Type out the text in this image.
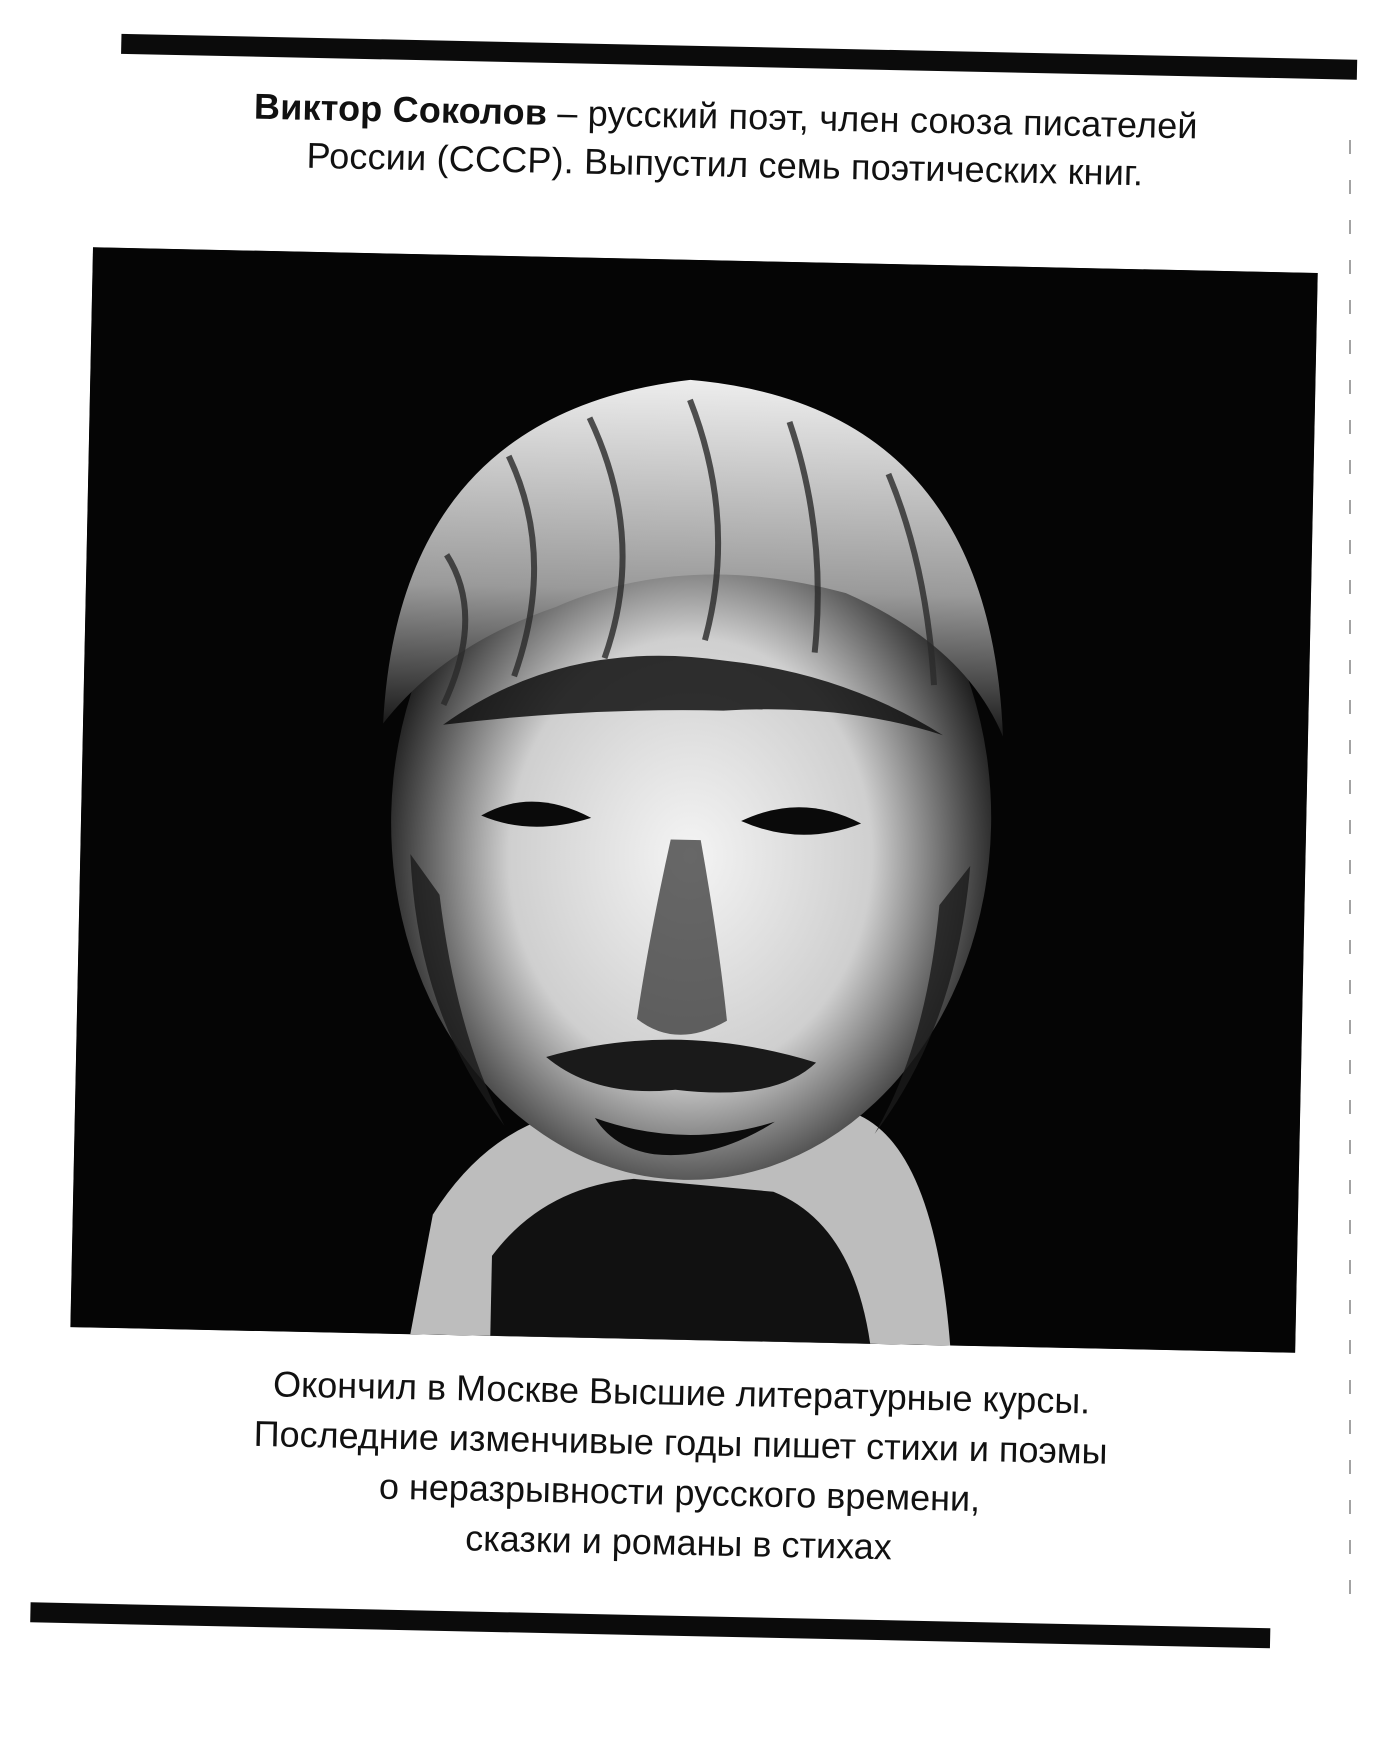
Виктор Соколов – русский поэт, член союза писателей
России (СССР). Выпустил семь поэтических книг.
Окончил в Москве Высшие литературные курсы.
Последние изменчивые годы пишет стихи и поэмы
о неразрывности русского времени,
сказки и романы в стихах
